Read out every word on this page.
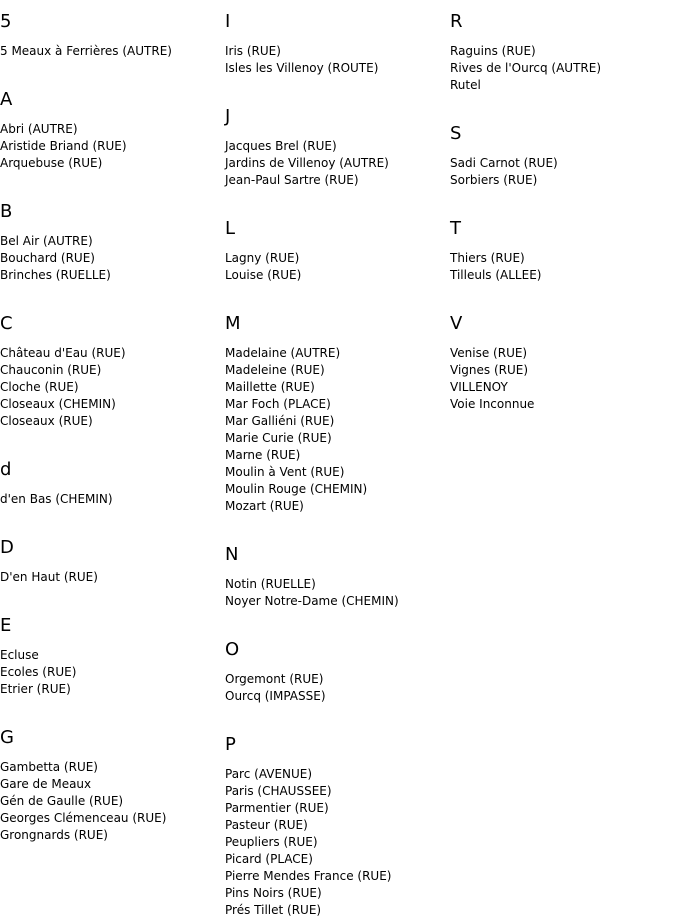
5
5 Meaux à Ferrières (AUTRE)
A
Abri (AUTRE)
Aristide Briand (RUE)
Arquebuse (RUE)
B
Bel Air (AUTRE)
Bouchard (RUE)
Brinches (RUELLE)
C
Château d'Eau (RUE)
Chauconin (RUE)
Cloche (RUE)
Closeaux (CHEMIN)
Closeaux (RUE)
d
d'en Bas (CHEMIN)
D
D'en Haut (RUE)
E
Ecluse
Ecoles (RUE)
Etrier (RUE)
G
Gambetta (RUE)
Gare de Meaux
Gén de Gaulle (RUE)
Georges Clémenceau (RUE)
Grongnards (RUE)
I
Iris (RUE)
Isles les Villenoy (ROUTE)
J
Jacques Brel (RUE)
Jardins de Villenoy (AUTRE)
Jean-Paul Sartre (RUE)
L
Lagny (RUE)
Louise (RUE)
M
Madelaine (AUTRE)
Madeleine (RUE)
Maillette (RUE)
Mar Foch (PLACE)
Mar Galliéni (RUE)
Marie Curie (RUE)
Marne (RUE)
Moulin à Vent (RUE)
Moulin Rouge (CHEMIN)
Mozart (RUE)
N
Notin (RUELLE)
Noyer Notre-Dame (CHEMIN)
O
Orgemont (RUE)
Ourcq (IMPASSE)
P
Parc (AVENUE)
Paris (CHAUSSEE)
Parmentier (RUE)
Pasteur (RUE)
Peupliers (RUE)
Picard (PLACE)
Pierre Mendes France (RUE)
Pins Noirs (RUE)
Prés Tillet (RUE)
R
Raguins (RUE)
Rives de l'Ourcq (AUTRE)
Rutel
S
Sadi Carnot (RUE)
Sorbiers (RUE)
T
Thiers (RUE)
Tilleuls (ALLEE)
V
Venise (RUE)
Vignes (RUE)
VILLENOY
Voie Inconnue
